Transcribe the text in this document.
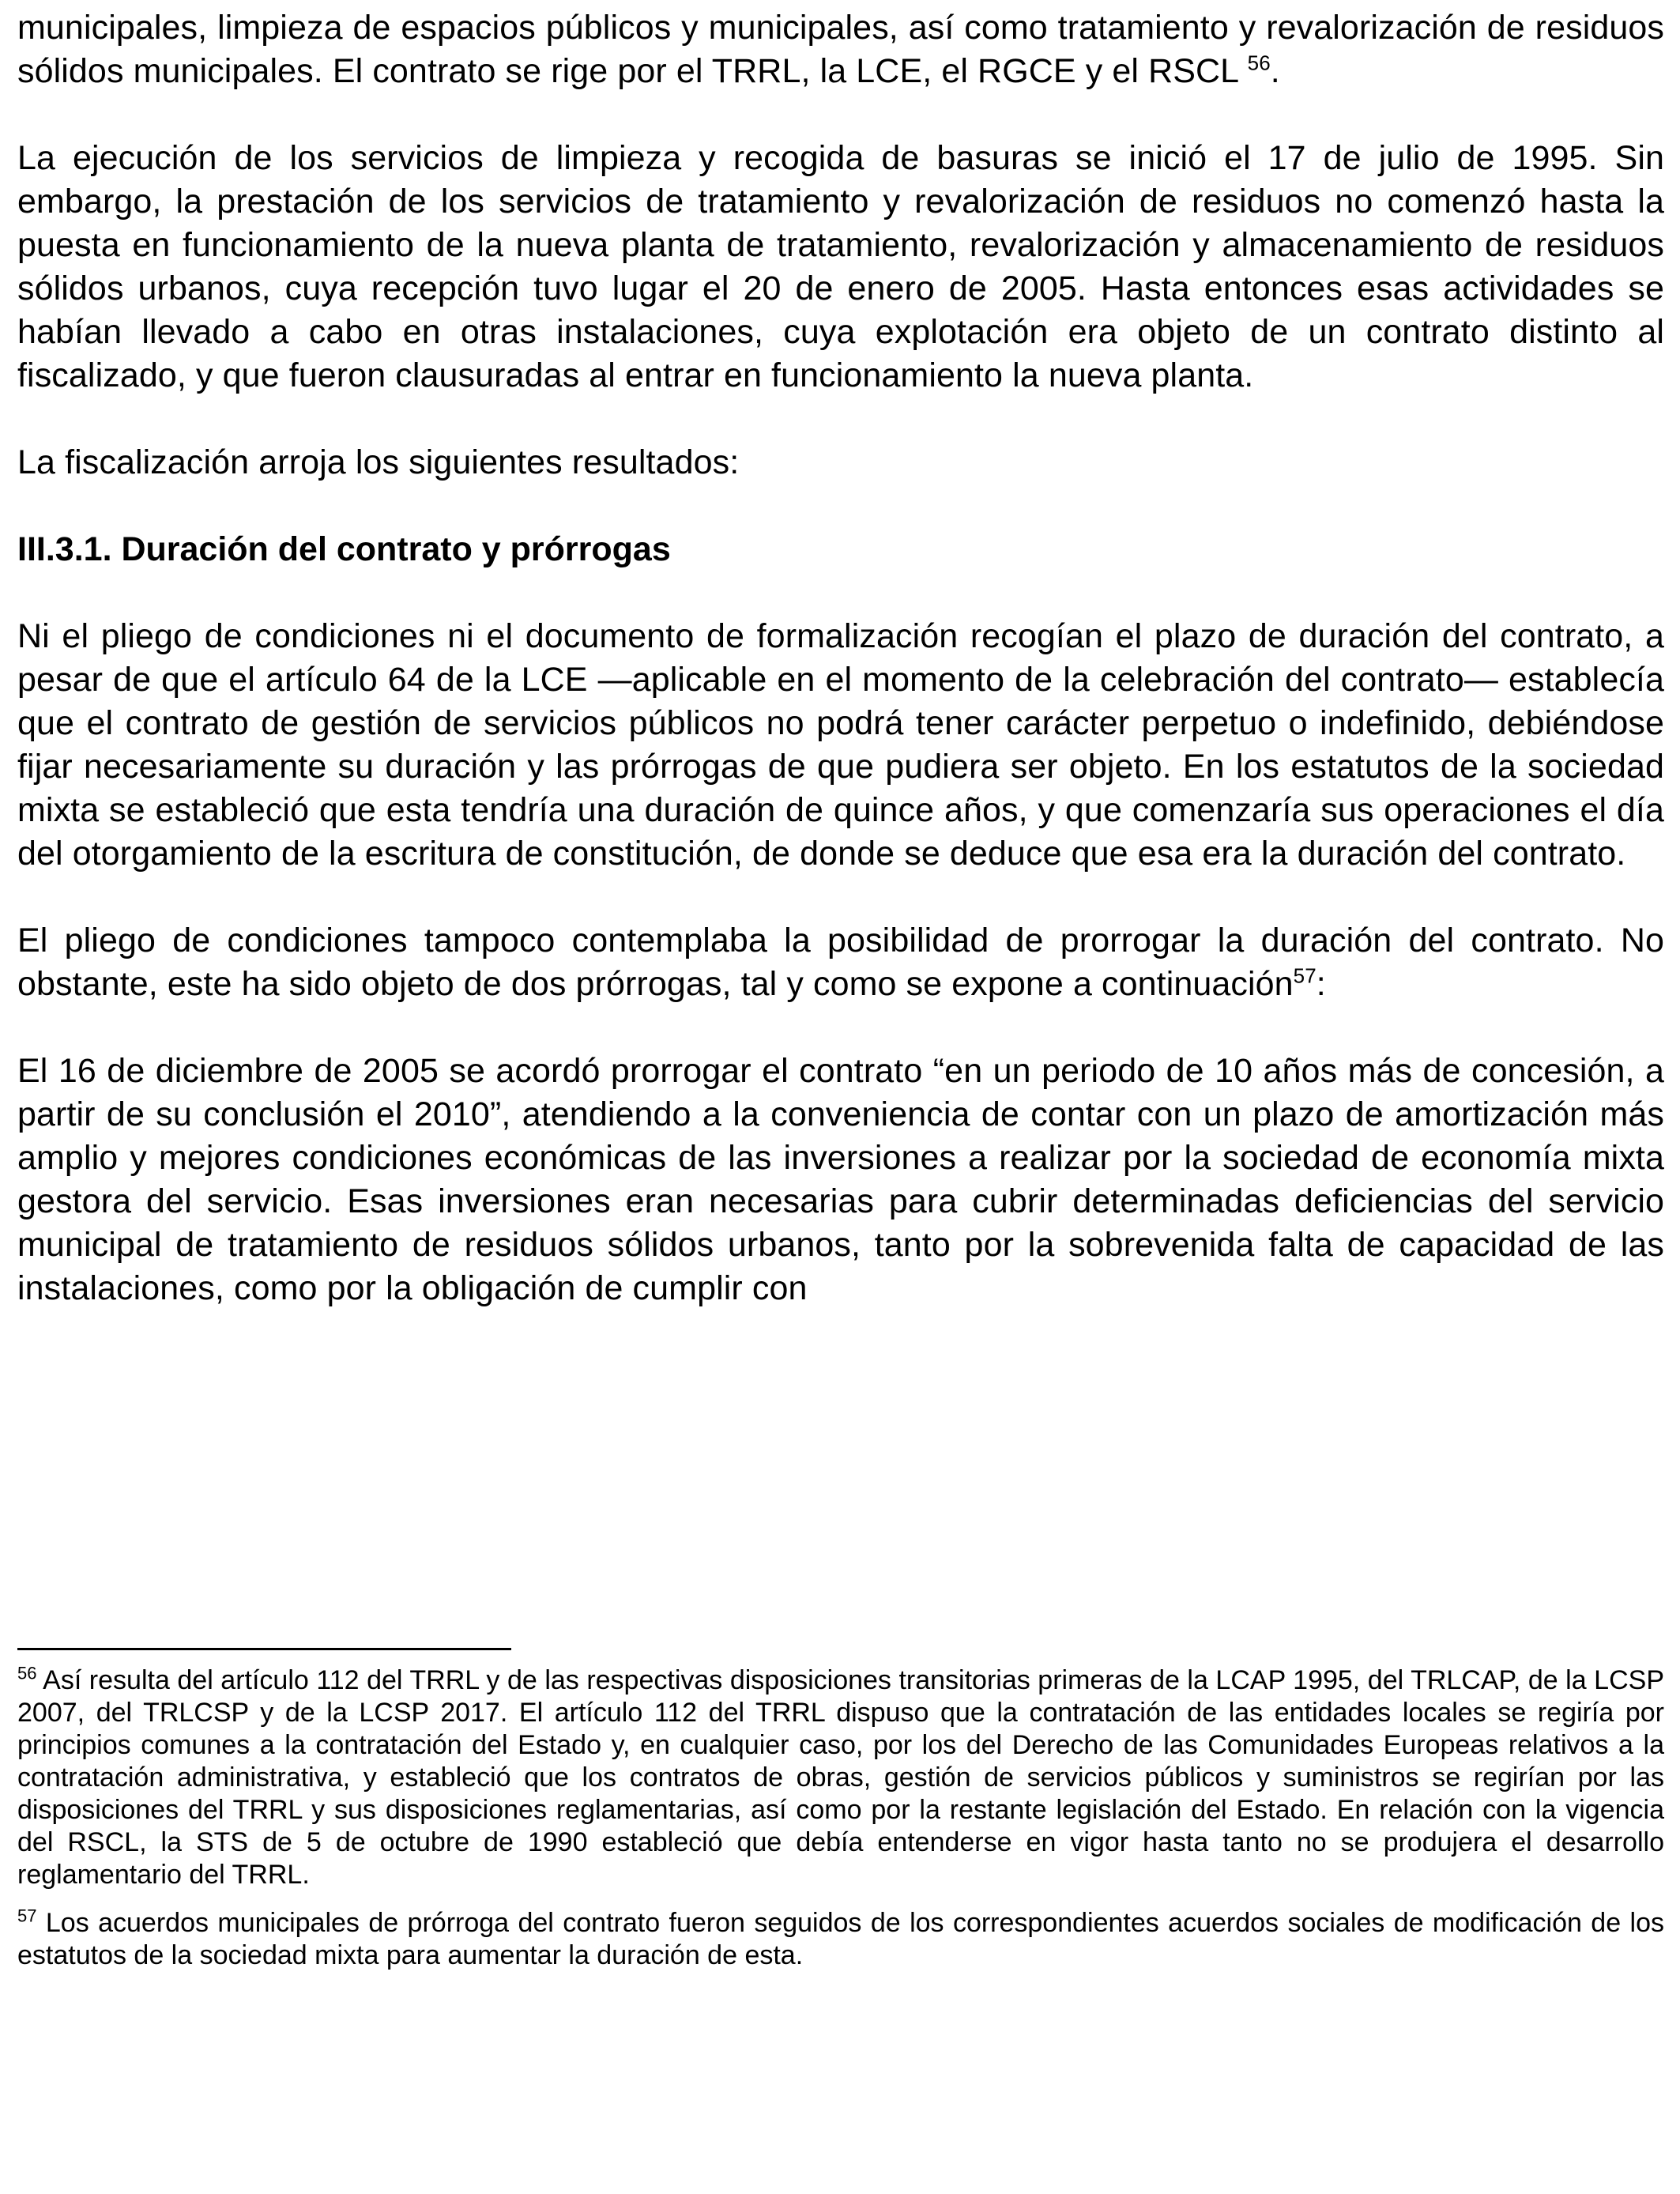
municipales, limpieza de espacios públicos y municipales, así como tratamiento y revalorización de residuos sólidos municipales. El contrato se rige por el TRRL, la LCE, el RGCE y el RSCL $^{56}$.

La ejecución de los servicios de limpieza y recogida de basuras se inició el 17 de julio de 1995. Sin embargo, la prestación de los servicios de tratamiento y revalorización de residuos no comenzó hasta la puesta en funcionamiento de la nueva planta de tratamiento, revalorización y almacenamiento de residuos sólidos urbanos, cuya recepción tuvo lugar el 20 de enero de 2005. Hasta entonces esas actividades se habían llevado a cabo en otras instalaciones, cuya explotación era objeto de un contrato distinto al fiscalizado, y que fueron clausuradas al entrar en funcionamiento la nueva planta.

La fiscalización arroja los siguientes resultados:

III.3.1. Duración del contrato y prórrogas

Ni el pliego de condiciones ni el documento de formalización recogían el plazo de duración del contrato, a pesar de que el artículo 64 de la LCE —aplicable en el momento de la celebración del contrato— establecía que el contrato de gestión de servicios públicos no podrá tener carácter perpetuo o indefinido, debiéndose fijar necesariamente su duración y las prórrogas de que pudiera ser objeto. En los estatutos de la sociedad mixta se estableció que esta tendría una duración de quince años, y que comenzaría sus operaciones el día del otorgamiento de la escritura de constitución, de donde se deduce que esa era la duración del contrato.

El pliego de condiciones tampoco contemplaba la posibilidad de prorrogar la duración del contrato. No obstante, este ha sido objeto de dos prórrogas, tal y como se expone a continuación$^{57}$:

El 16 de diciembre de 2005 se acordó prorrogar el contrato “en un periodo de 10 años más de concesión, a partir de su conclusión el 2010”, atendiendo a la conveniencia de contar con un plazo de amortización más amplio y mejores condiciones económicas de las inversiones a realizar por la sociedad de economía mixta gestora del servicio. Esas inversiones eran necesarias para cubrir determinadas deficiencias del servicio municipal de tratamiento de residuos sólidos urbanos, tanto por la sobrevenida falta de capacidad de las instalaciones, como por la obligación de cumplir con

$^{56}$ Así resulta del artículo 112 del TRRL y de las respectivas disposiciones transitorias primeras de la LCAP 1995, del TRLCAP, de la LCSP 2007, del TRLCSP y de la LCSP 2017. El artículo 112 del TRRL dispuso que la contratación de las entidades locales se regiría por principios comunes a la contratación del Estado y, en cualquier caso, por los del Derecho de las Comunidades Europeas relativos a la contratación administrativa, y estableció que los contratos de obras, gestión de servicios públicos y suministros se regirían por las disposiciones del TRRL y sus disposiciones reglamentarias, así como por la restante legislación del Estado. En relación con la vigencia del RSCL, la STS de 5 de octubre de 1990 estableció que debía entenderse en vigor hasta tanto no se produjera el desarrollo reglamentario del TRRL.

$^{57}$ Los acuerdos municipales de prórroga del contrato fueron seguidos de los correspondientes acuerdos sociales de modificación de los estatutos de la sociedad mixta para aumentar la duración de esta.
